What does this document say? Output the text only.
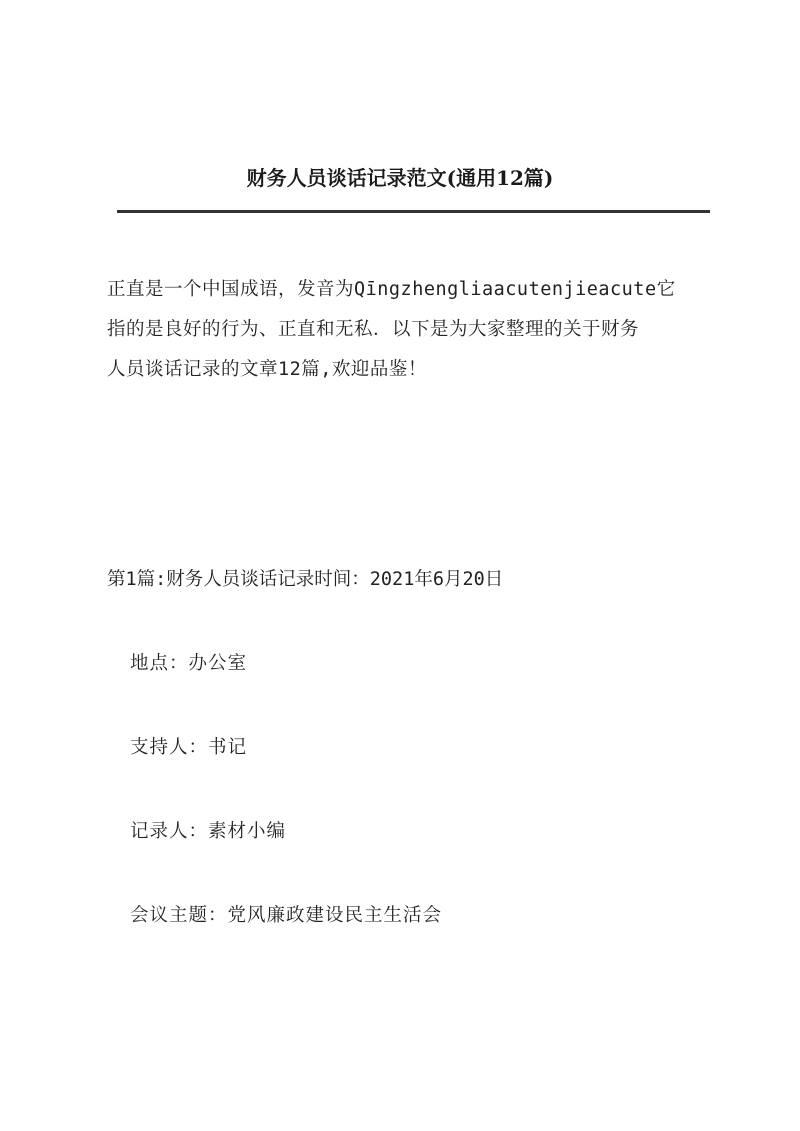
财务人员谈话记录范文(通用12篇)
正直是一个中国成语，发音为Qīngzhengliaacutenjieacute它
指的是良好的行为、正直和无私．以下是为大家整理的关于财务
人员谈话记录的文章12篇,欢迎品鉴！
第1篇:财务人员谈话记录时间：2021年6月20日
地点：办公室
支持人：书记
记录人：素材小编
会议主题：党风廉政建设民主生活会
